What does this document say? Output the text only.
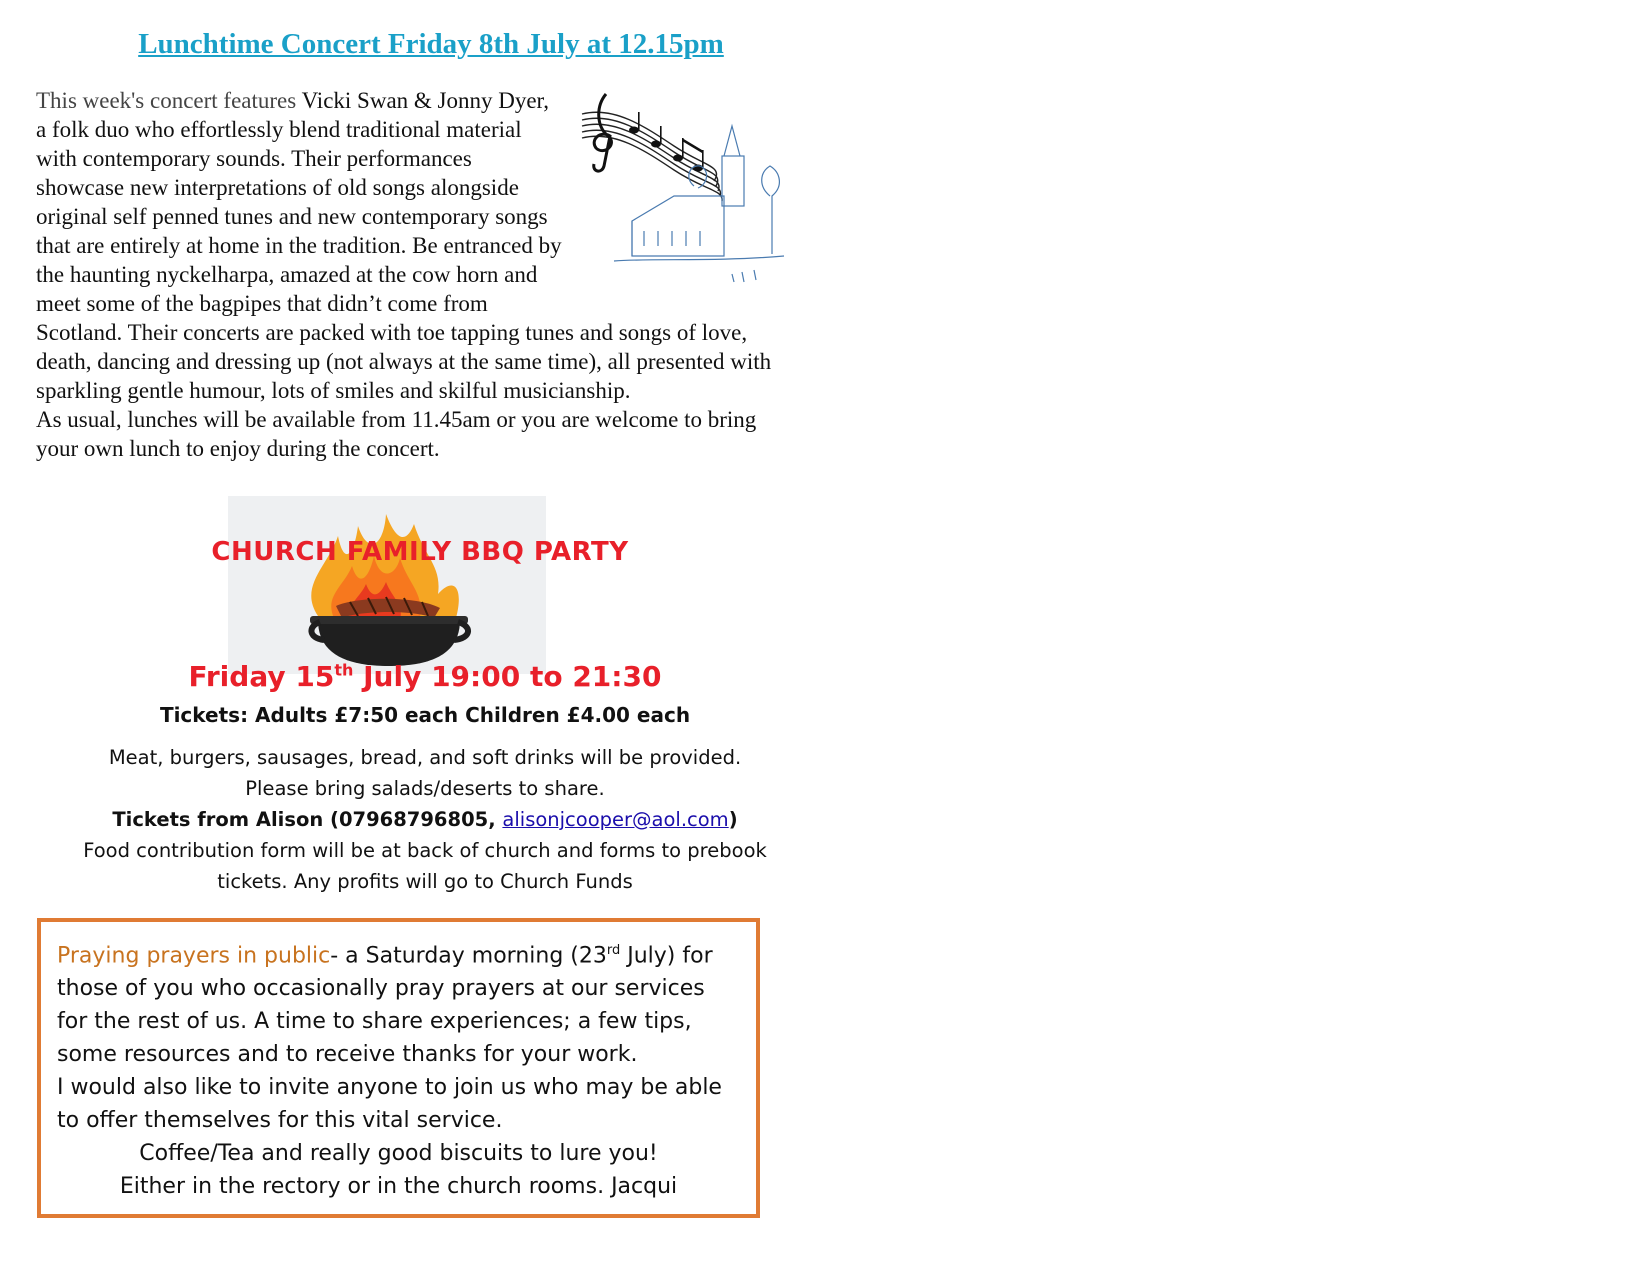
Lunchtime Concert Friday 8th July at 12.15pm

This week's concert features Vicki Swan & Jonny Dyer, a folk duo who effortlessly blend traditional material with contemporary sounds. Their performances showcase new interpretations of old songs alongside original self penned tunes and new contemporary songs that are entirely at home in the tradition. Be entranced by the haunting nyckelharpa, amazed at the cow horn and meet some of the bagpipes that didn’t come from Scotland. Their concerts are packed with toe tapping tunes and songs of love, death, dancing and dressing up (not always at the same time), all presented with sparkling gentle humour, lots of smiles and skilful musicianship.

As usual, lunches will be available from 11.45am or you are welcome to bring your own lunch to enjoy during the concert.

CHURCH FAMILY BBQ PARTY
Friday 15th July 19:00 to 21:30
Tickets: Adults £7:50 each Children £4.00 each
Meat, burgers, sausages, bread, and soft drinks will be provided.
Please bring salads/deserts to share.
Tickets from Alison (07968796805, alisonjcooper@aol.com)
Food contribution form will be at back of church and forms to prebook
tickets. Any profits will go to Church Funds

Praying prayers in public- a Saturday morning (23rd July) for those of you who occasionally pray prayers at our services for the rest of us. A time to share experiences; a few tips, some resources and to receive thanks for your work.

I would also like to invite anyone to join us who may be able to offer themselves for this vital service.

Coffee/Tea and really good biscuits to lure you!

Either in the rectory or in the church rooms. Jacqui
